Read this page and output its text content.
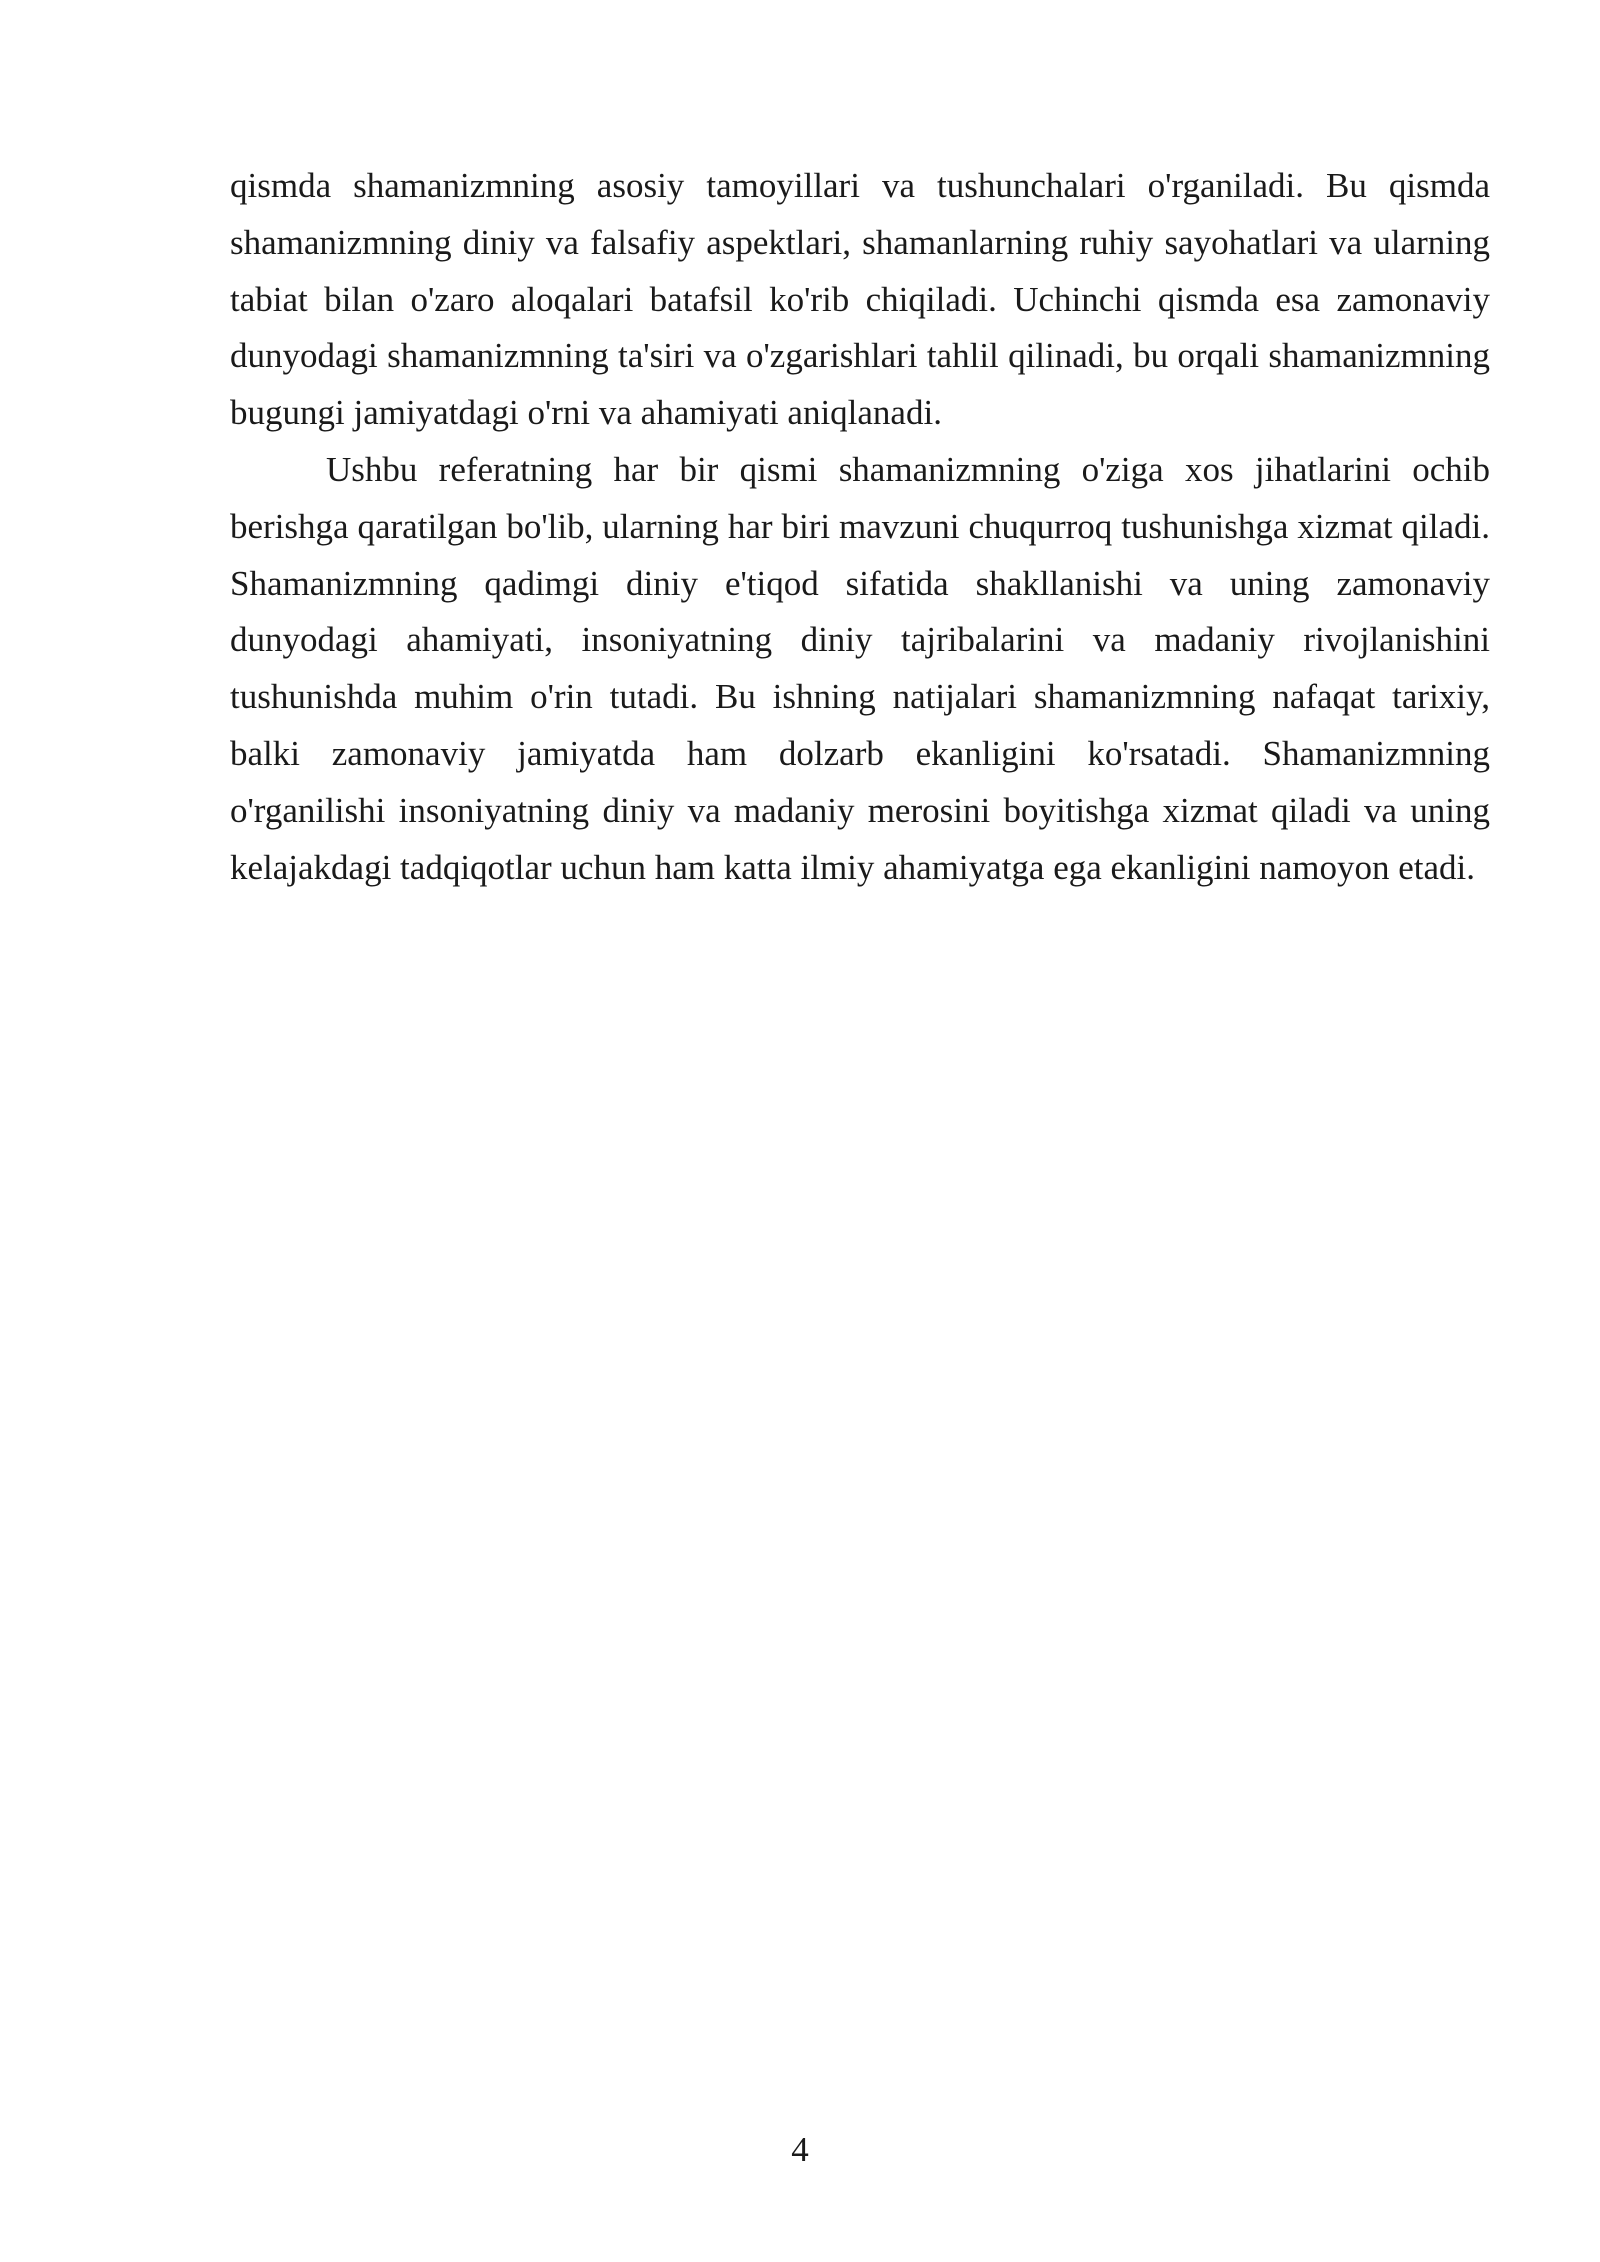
qismda shamanizmning asosiy tamoyillari va tushunchalari o'rganiladi. Bu qismda shamanizmning diniy va falsafiy aspektlari, shamanlarning ruhiy sayohatlari va ularning tabiat bilan o'zaro aloqalari batafsil ko'rib chiqiladi. Uchinchi qismda esa zamonaviy dunyodagi shamanizmning ta'siri va o'zgarishlari tahlil qilinadi, bu orqali shamanizmning bugungi jamiyatdagi o'rni va ahamiyati aniqlanadi.

Ushbu referatning har bir qismi shamanizmning o'ziga xos jihatlarini ochib berishga qaratilgan bo'lib, ularning har biri mavzuni chuqurroq tushunishga xizmat qiladi. Shamanizmning qadimgi diniy e'tiqod sifatida shakllanishi va uning zamonaviy dunyodagi ahamiyati, insoniyatning diniy tajribalarini va madaniy rivojlanishini tushunishda muhim o'rin tutadi. Bu ishning natijalari shamanizmning nafaqat tarixiy, balki zamonaviy jamiyatda ham dolzarb ekanligini ko'rsatadi. Shamanizmning o'rganilishi insoniyatning diniy va madaniy merosini boyitishga xizmat qiladi va uning kelajakdagi tadqiqotlar uchun ham katta ilmiy ahamiyatga ega ekanligini namoyon etadi.

4
